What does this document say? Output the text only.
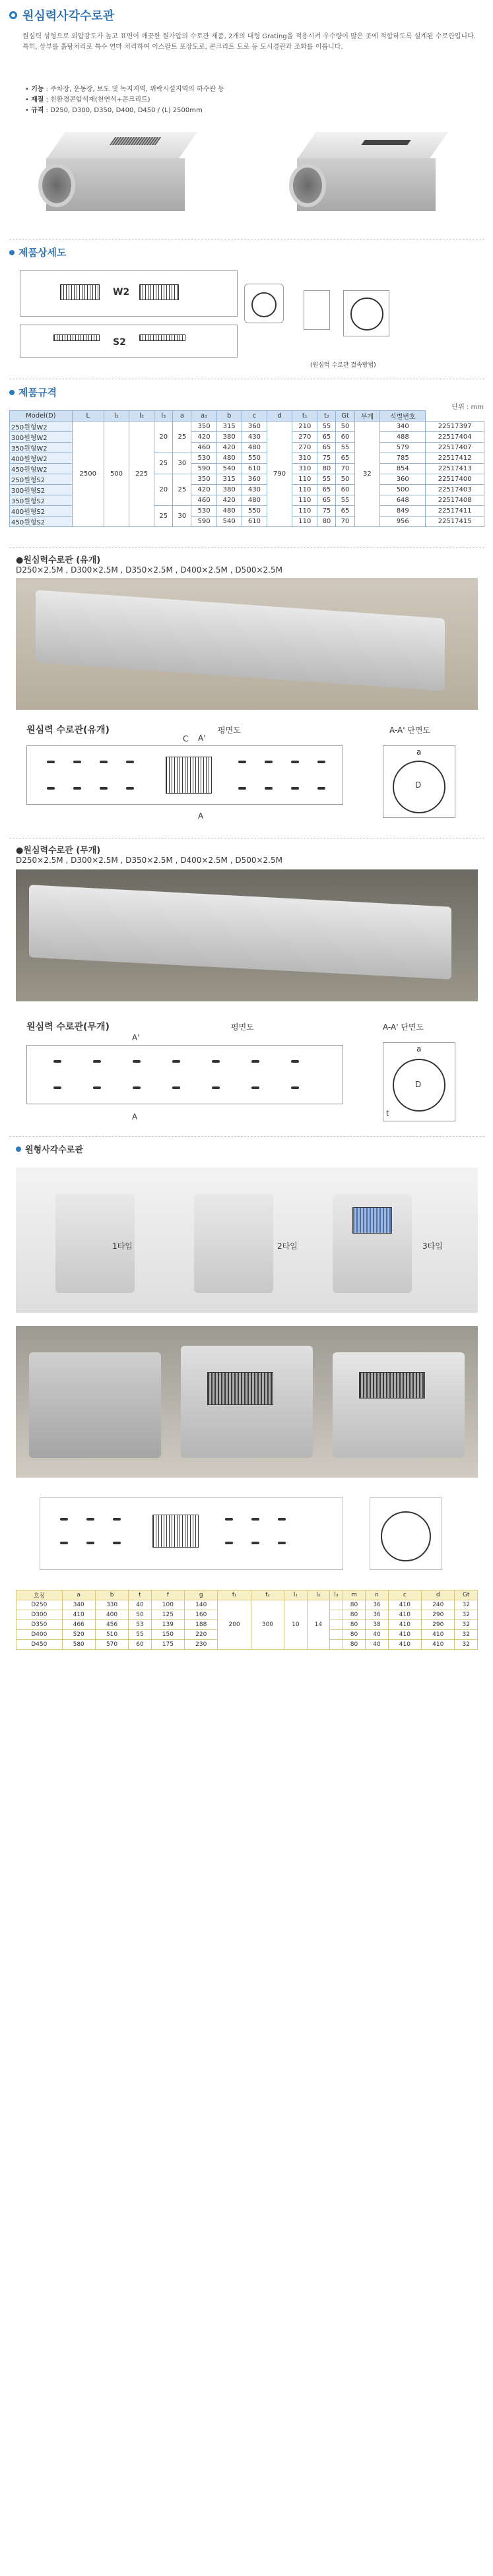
원심력사각수로관

원심력 성형으로 외압강도가 높고 표면이 깨끗한 원가압의 수로관 제품, 2개의 대형 Grating을 적용시켜 우수량이 많은 곳에 적합하도록 설계된 수로관입니다. 특히, 상부를 흙탕처리로 특수 연마 처리하여 이스팔트 포장도로, 콘크리트 도로 등 도시경관과 조화를 이룹니다.

• 기능 : 주차장, 운동장, 보도 및 녹지지역, 위락시설지역의 하수관 등
• 재질 : 친환경콘합석재(천연석+콘크리트)
• 규격 : D250, D300, D350, D400, D450 / (L) 2500mm
제품상세도
W2
S2
(원심력 수로관 결속방법)
제품규격
단위 : mm
Model(D)	L	l₁	l₂	l₃	a	a₁	b	c	d	t₁	t₂	Gt	무게	식별번호	
250원형W2	2500	500	225	20	25	350	315	360	790	210	55	50	32	340	22517397
300원형W2						420	380	430		270	65	60		488	22517404
350원형W2						460	420	480		270	65	55		579	22517407
400원형W2				25	30	530	480	550		310	75	65		785	22517412
450원형W2						590	540	610		310	80	70		854	22517413
250원형S2				20	25	350	315	360		110	55	50		360	22517400
300원형S2						420	380	430		110	65	60		500	22517403
350원형S2						460	420	480		110	65	55		648	22517408
400원형S2				25	30	530	480	550		110	75	65		849	22517411
450원형S2						590	540	610		110	80	70		956	22517415
●원심력수로관 (유개)
D250×2.5M , D300×2.5M , D350×2.5M , D400×2.5M , D500×2.5M
원심력 수로관(유개)	평면도	A-A' 단면도
C
A
A'
D
a
●원심력수로관 (무개)
D250×2.5M , D300×2.5M , D350×2.5M , D400×2.5M , D500×2.5M
원심력 수로관(무개)	평면도	A-A' 단면도
A
A'
D
a
t
원형사각수로관
1타입	2타입	3타입
호칭	a	b	t	f	g	f₁	f₂	l₁	l₂	l₃	m	n	c	d	Gt
D250	340	330	40	100	140	200	300	10	14		80	36	410	240	32
D300	410	400	50	125	160						80	36	410	290	32
D350	466	456	53	139	188						80	38	410	290	32
D400	520	510	55	150	220						80	40	410	410	32
D450	580	570	60	175	230						80	40	410	410	32
